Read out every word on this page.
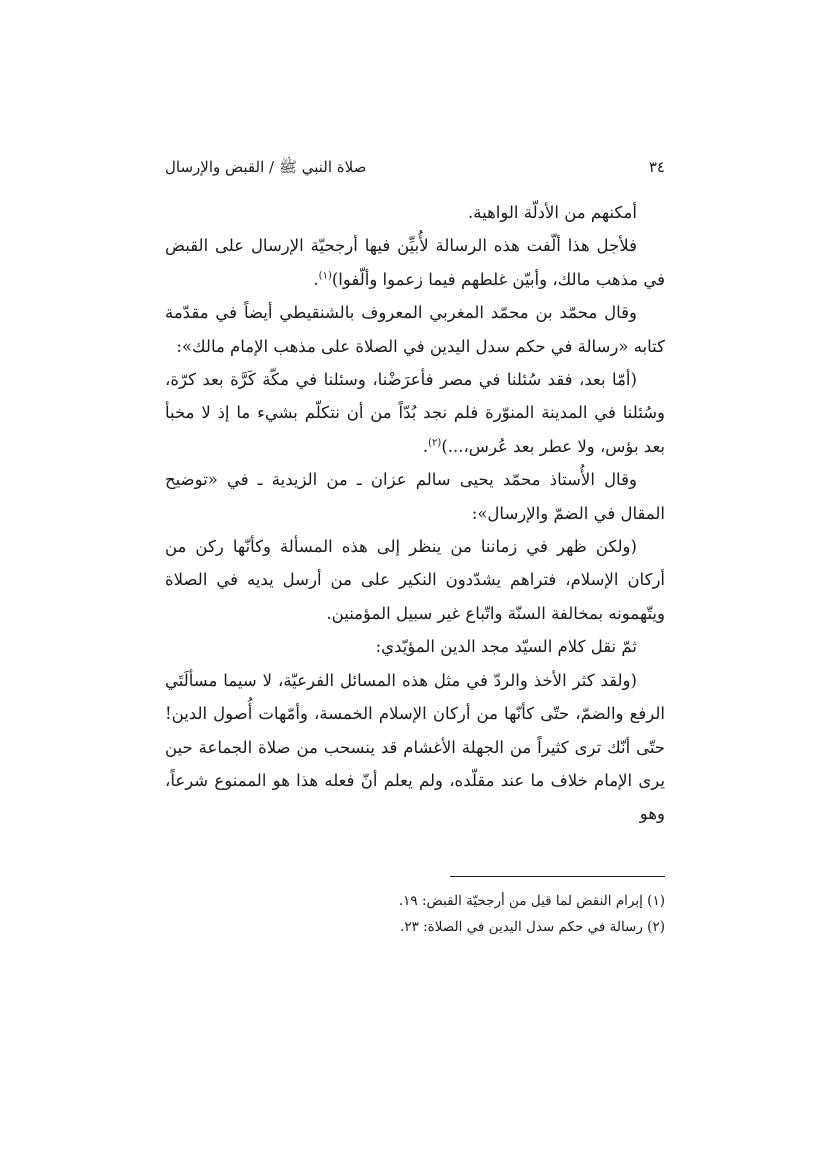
٣٤
صلاة النبي ﷺ / القبض والإرسال

أمكنهم من الأدلّة الواهية.

فلأجل هذا ألّفت هذه الرسالة لأُبيِّن فيها أرجحيّة الإرسال على القبض في مذهب مالك، وأبيّن غلطهم فيما زعموا وألّفوا)$^{(١)}$.

وقال محمّد بن محمّد المغربي المعروف بالشنقيطي أيضاً في مقدّمة كتابه «رسالة في حكم سدل اليدين في الصلاة على مذهب الإمام مالك»:

(أمّا بعد، فقد سُئلنا في مصر فأعرَضْنا، وسئلنا في مكّة كَرَّة بعد كرّة، وسُئلنا في المدينة المنوّرة فلم نجد بُدّاً من أن نتكلّم بشيء ما إذ لا مخبأ بعد بؤس، ولا عطر بعد عُرس،...)$^{(٢)}$.

وقال الأُستاذ محمّد يحيى سالم عزان ـ من الزيدية ـ في «توضيح المقال في الضمّ والإرسال»:

(ولكن ظهر في زماننا من ينظر إلى هذه المسألة وكأنّها ركن من أركان الإسلام، فتراهم يشدّدون النكير على من أرسل يديه في الصلاة ويتّهمونه بمخالفة السنّة واتّباع غير سبيل المؤمنين.

ثمّ نقل كلام السيّد مجد الدين المؤيّدي:

(ولقد كثر الأخذ والردّ في مثل هذه المسائل الفرعيّة، لا سيما مسألَتَي الرفع والضمّ، حتّى كأنّها من أركان الإسلام الخمسة، وأمّهات أُصول الدين! حتّى أنّك ترى كثيراً من الجهلة الأغشام قد ينسحب من صلاة الجماعة حين يرى الإمام خلاف ما عند مقلّده، ولم يعلم أنّ فعله هذا هو الممنوع شرعاً، وهو

(١) إبرام النقض لما قيل من أرجحيّة القبض: ١٩.

(٢) رسالة في حكم سدل اليدين في الصلاة: ٢٣.
